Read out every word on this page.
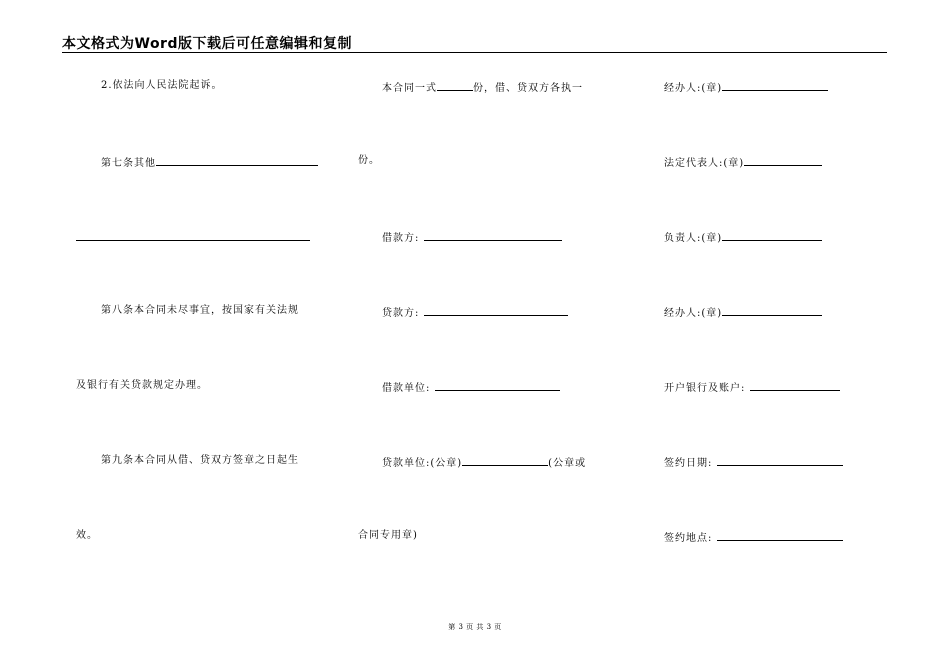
本文格式为Word版下载后可任意编辑和复制
2.依法向人民法院起诉。
第七条其他
第八条本合同未尽事宜，按国家有关法规
及银行有关贷款规定办理。
第九条本合同从借、贷双方签章之日起生
效。
本合同一式	份，借、贷双方各执一
份。
借款方:
贷款方:
借款单位:
贷款单位:(公章)	(公章或
合同专用章)
经办人:(章)
法定代表人:(章)
负责人:(章)
经办人:(章)
开户银行及账户:
签约日期:
签约地点:
第 3 页 共 3 页
